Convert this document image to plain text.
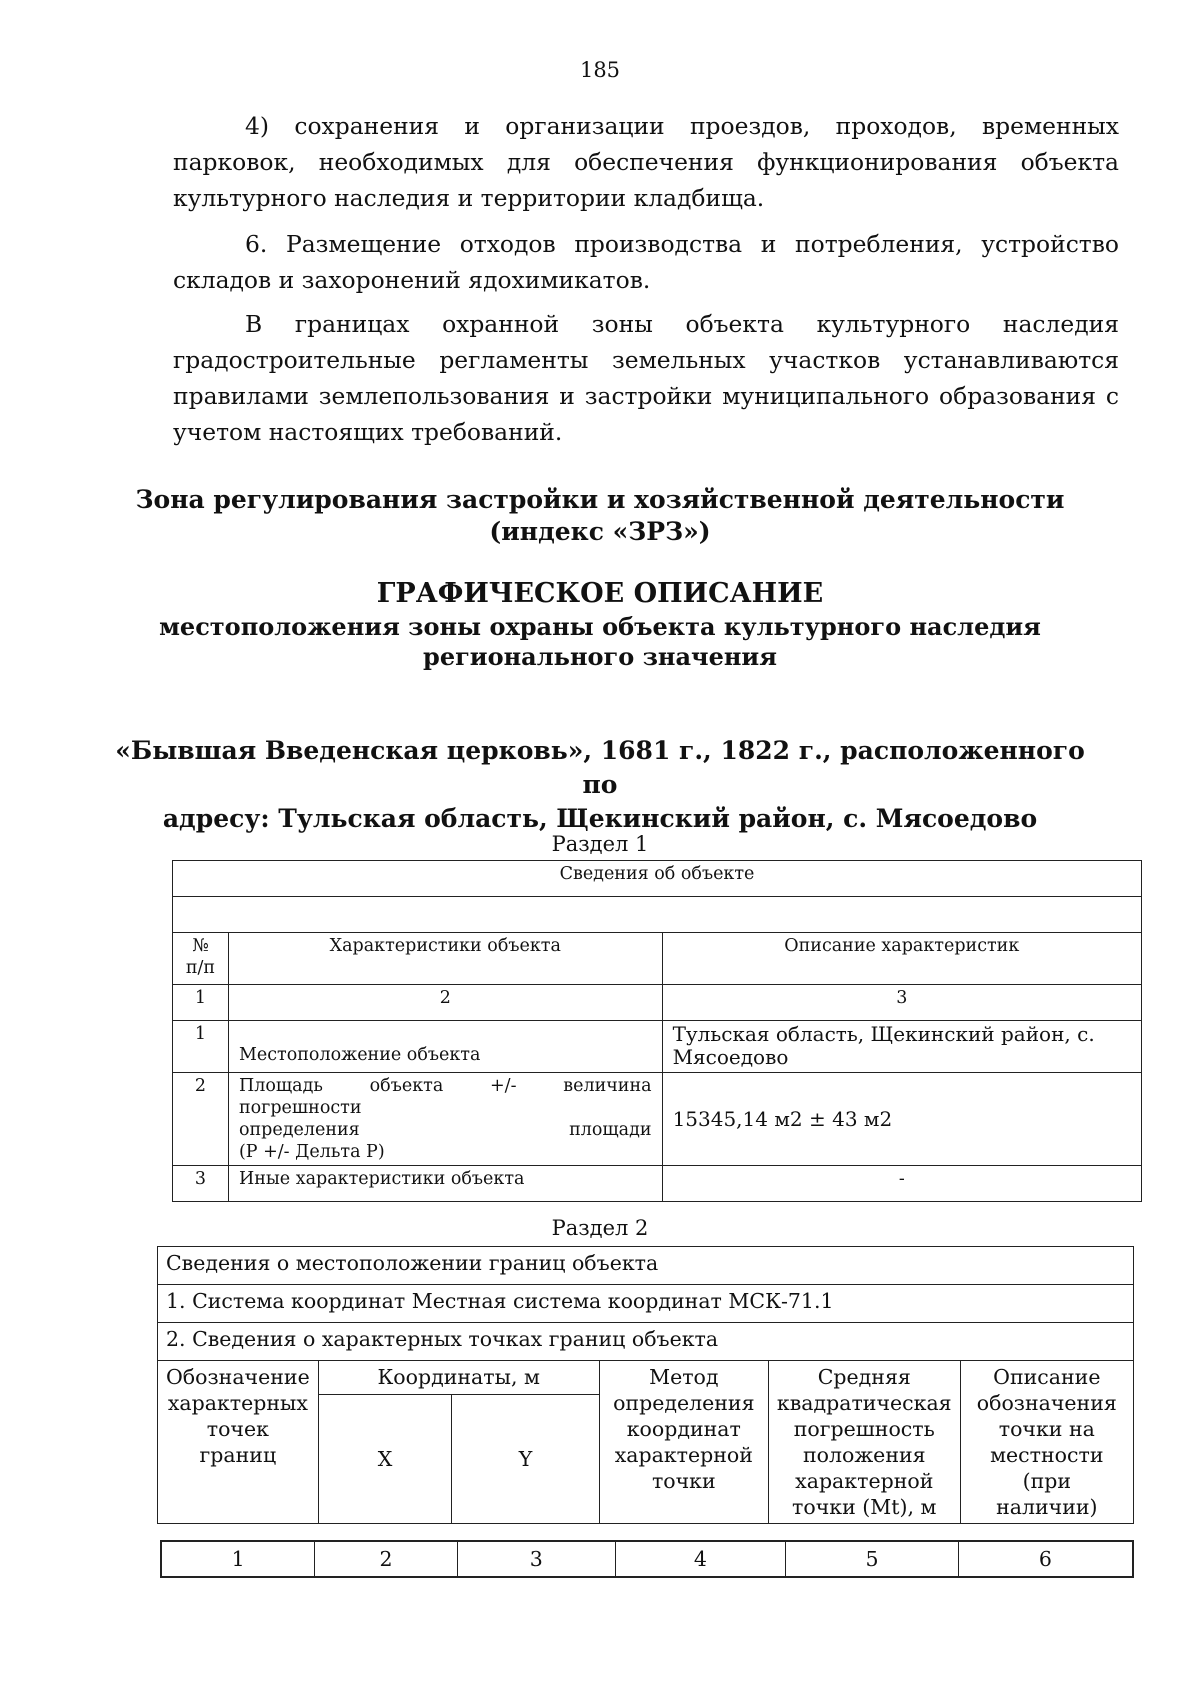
185

4) сохранения и организации проездов, проходов, временных парковок, необходимых для обеспечения функционирования объекта культурного наследия и территории кладбища.

6. Размещение отходов производства и потребления, устройство складов и захоронений ядохимикатов.

В границах охранной зоны объекта культурного наследия градостроительные регламенты земельных участков устанавливаются правилами землепользования и застройки муниципального образования с учетом настоящих требований.

Зона регулирования застройки и хозяйственной деятельности
(индекс «ЗРЗ»)
ГРАФИЧЕСКОЕ ОПИСАНИЕ
местоположения зоны охраны объекта культурного наследия
регионального значения
«Бывшая Введенская церковь», 1681 г., 1822 г., расположенного по
адресу: Тульская область, Щекинский район, с. Мясоедово
Раздел 1
Сведения об объекте		

№ п/п	Характеристики объекта	Описание характеристик
1	2	3
1	Местоположение объекта	Тульская область, Щекинский район, с. Мясоедово
2	Площадь объекта +/- величина погрешности
определения площади
(P +/- Дельта P)	15345,14 м2 ± 43 м2
3	Иные характеристики объекта	-
Раздел 2
Сведения о местоположении границ объекта					
1. Система координат Местная система координат МСК-71.1					
2. Сведения о характерных точках границ объекта					
Обозначение характерных точек границ	Координаты, м		Метод определения координат характерной точки	Средняя квадратическая погрешность положения характерной точки (Mt), м	Описание обозначения точки на местности (при наличии)
	X	Y			
1	2	3	4	5	6
